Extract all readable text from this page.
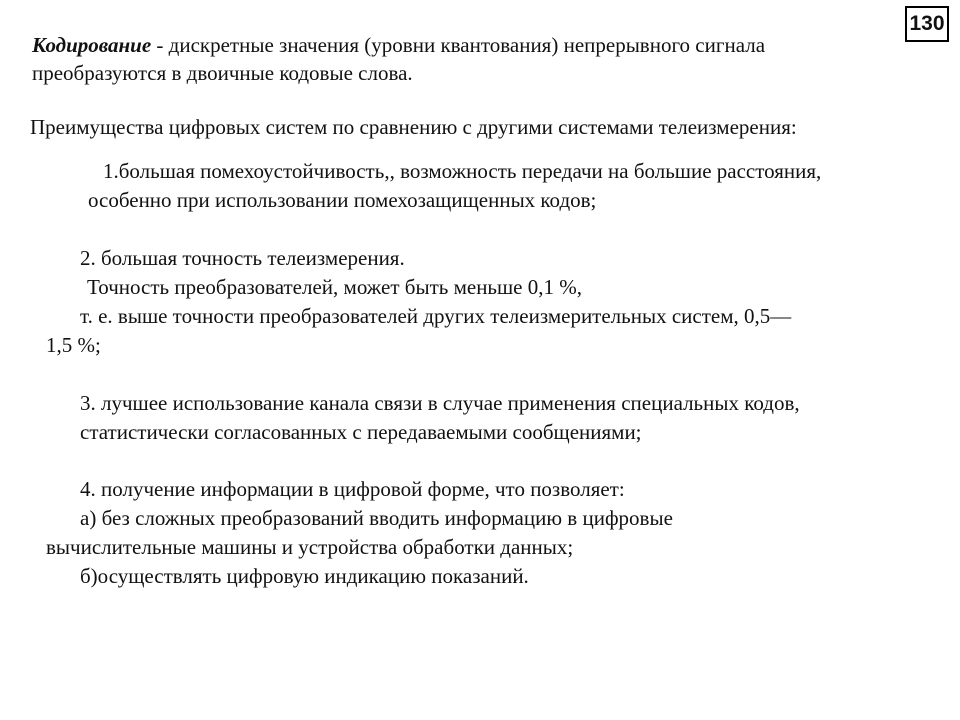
130
Кодирование - дискретные значения (уровни квантования) непрерывного сигнала
преобразуются в двоичные кодовые слова.
Преимущества цифровых систем по сравнению с другими системами телеизмерения:
1.большая помехоустойчивость,, возможность передачи на большие расстояния,
особенно при использовании помехозащищенных кодов;
2. большая точность телеизмерения.
Точность преобразователей, может быть меньше 0,1 %,
т. е. выше точности преобразователей других телеизмерительных систем, 0,5—
1,5 %;
3. лучшее использование канала связи в случае применения специальных кодов,
статистически согласованных с передаваемыми сообщениями;
4. получение информации в цифровой форме, что позволяет:
а) без сложных преобразований вводить информацию в цифровые
вычислительные машины и устройства обработки данных;
б)осуществлять цифровую индикацию показаний.
